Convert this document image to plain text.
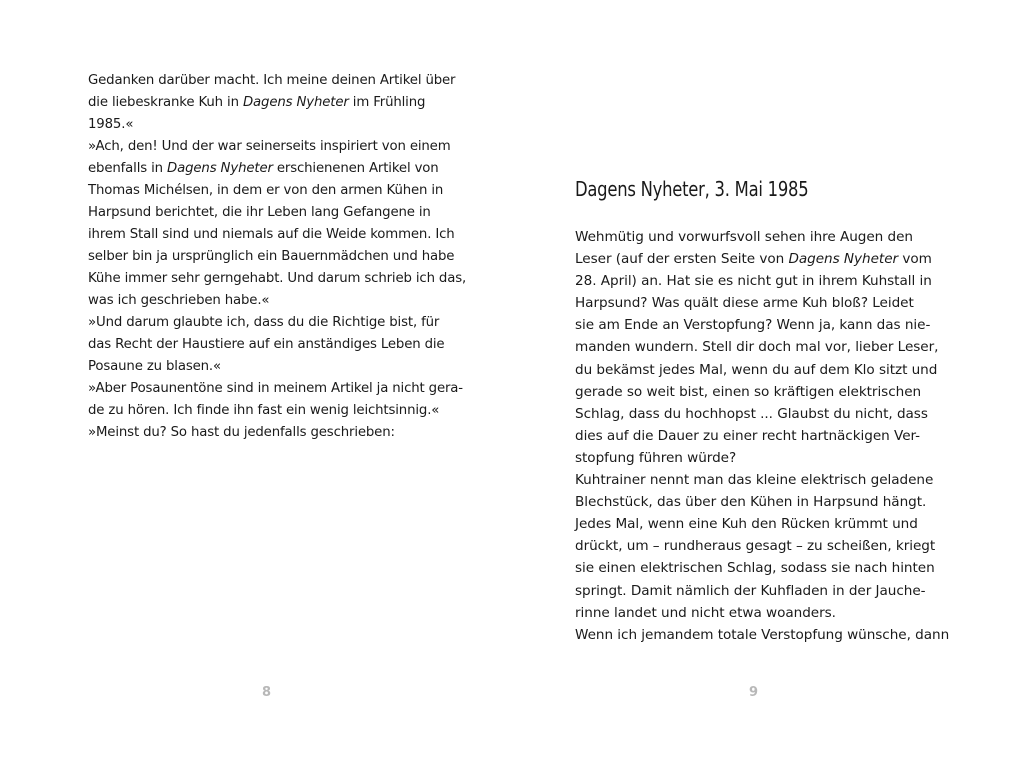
Gedanken darüber macht. Ich meine deinen Artikel über
die liebeskranke Kuh in Dagens Nyheter im Frühling
1985.«
»Ach, den! Und der war seinerseits inspiriert von einem
ebenfalls in Dagens Nyheter erschienenen Artikel von
Thomas Michélsen, in dem er von den armen Kühen in
Harpsund berichtet, die ihr Leben lang Gefangene in
ihrem Stall sind und niemals auf die Weide kommen. Ich
selber bin ja ursprünglich ein Bauernmädchen und habe
Kühe immer sehr gerngehabt. Und darum schrieb ich das,
was ich geschrieben habe.«
»Und darum glaubte ich, dass du die Richtige bist, für
das Recht der Haustiere auf ein anständiges Leben die
Posaune zu blasen.«
»Aber Posaunentöne sind in meinem Artikel ja nicht gera-
de zu hören. Ich finde ihn fast ein wenig leichtsinnig.«
»Meinst du? So hast du jedenfalls geschrieben:
8
Dagens Nyheter, 3. Mai 1985
Wehmütig und vorwurfsvoll sehen ihre Augen den
Leser (auf der ersten Seite von Dagens Nyheter vom
28. April) an. Hat sie es nicht gut in ihrem Kuhstall in
Harpsund? Was quält diese arme Kuh bloß? Leidet
sie am Ende an Verstopfung? Wenn ja, kann das nie-
manden wundern. Stell dir doch mal vor, lieber Leser,
du bekämst jedes Mal, wenn du auf dem Klo sitzt und
gerade so weit bist, einen so kräftigen elektrischen
Schlag, dass du hochhopst ... Glaubst du nicht, dass
dies auf die Dauer zu einer recht hartnäckigen Ver-
stopfung führen würde?
Kuhtrainer nennt man das kleine elektrisch geladene
Blechstück, das über den Kühen in Harpsund hängt.
Jedes Mal, wenn eine Kuh den Rücken krümmt und
drückt, um – rundheraus gesagt – zu scheißen, kriegt
sie einen elektrischen Schlag, sodass sie nach hinten
springt. Damit nämlich der Kuhfladen in der Jauche-
rinne landet und nicht etwa woanders.
Wenn ich jemandem totale Verstopfung wünsche, dann
9
